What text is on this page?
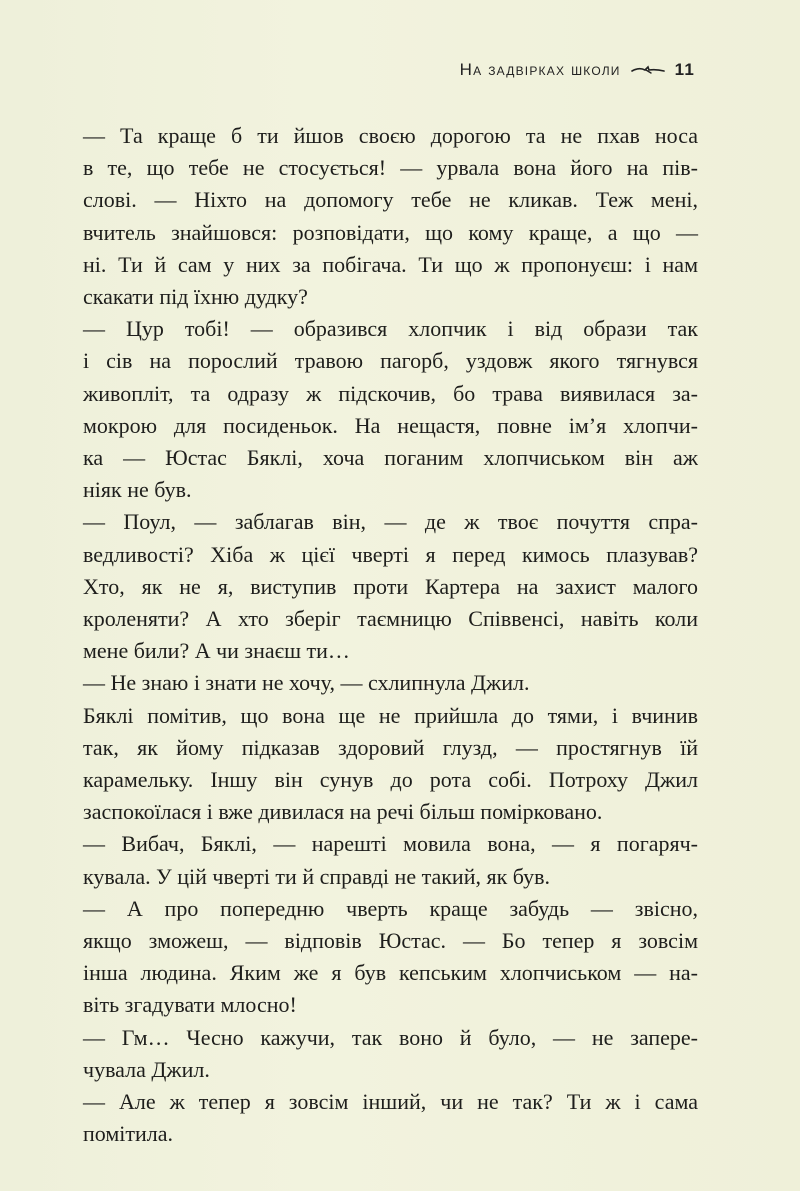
На задвірках школи	11

— Та краще б ти йшов своєю дорогою та не пхав носа
в те, що тебе не стосується! — урвала вона його на пів-
слові. — Ніхто на допомогу тебе не кликав. Теж мені,
вчитель знайшовся: розповідати, що кому краще, а що —
ні. Ти й сам у них за побігача. Ти що ж пропонуєш: і нам
скакати під їхню дудку?

— Цур тобі! — образився хлопчик і від образи так
і сів на порослий травою пагорб, уздовж якого тягнувся
живопліт, та одразу ж підскочив, бо трава виявилася за-
мокрою для посиденьок. На нещастя, повне ім’я хлопчи-
ка — Юстас Бяклі, хоча поганим хлопчиськом він аж
ніяк не був.

— Поул, — заблагав він, — де ж твоє почуття спра-
ведливості? Хіба ж цієї чверті я перед кимось плазував?
Хто, як не я, виступив проти Картера на захист малого
кроленяти? А хто зберіг таємницю Співвенсі, навіть коли
мене били? А чи знаєш ти…

— Не знаю і знати не хочу, — схлипнула Джил.

Бяклі помітив, що вона ще не прийшла до тями, і вчинив
так, як йому підказав здоровий глузд, — простягнув їй
карамельку. Іншу він сунув до рота собі. Потроху Джил
заспокоїлася і вже дивилася на речі більш поміркованo.

— Вибач, Бяклі, — нарешті мовила вона, — я погаряч-
кувала. У цій чверті ти й справді не такий, як був.

— А про попередню чверть краще забудь — звісно,
якщо зможеш, — відповів Юстас. — Бо тепер я зовсім
інша людина. Яким же я був кепським хлопчиськом — на-
віть згадувати млосно!

— Гм… Чесно кажучи, так воно й було, — не запере-
чувала Джил.

— Але ж тепер я зовсім інший, чи не так? Ти ж і сама
помітила.
